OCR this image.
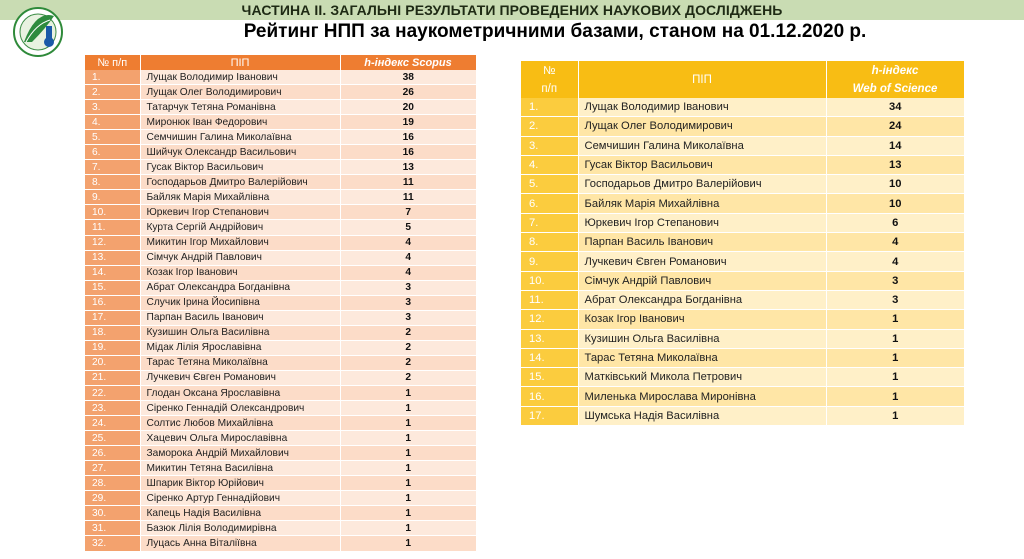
ЧАСТИНА ІІ. ЗАГАЛЬНІ РЕЗУЛЬТАТИ ПРОВЕДЕНИХ НАУКОВИХ ДОСЛІДЖЕНЬ
Рейтинг НПП за наукометричними базами, станом на 01.12.2020 р.
№ п/п	ПІП	h-індекс Scopus
1.	Лущак Володимир Іванович	38
2.	Лущак Олег Володимирович	26
3.	Татарчук Тетяна Романівна	20
4.	Миронюк Іван Федорович	19
5.	Семчишин Галина Миколаївна	16
6.	Шийчук Олександр Васильович	16
7.	Гусак Віктор Васильович	13
8.	Господарьов Дмитро Валерійович	11
9.	Байляк Марія Михайлівна	11
10.	Юркевич Ігор Степанович	7
11.	Курта Сергій Андрійович	5
12.	Микитин Ігор Михайлович	4
13.	Сімчук Андрій Павлович	4
14.	Козак Ігор Іванович	4
15.	Абрат Олександра Богданівна	3
16.	Случик Ірина Йосипівна	3
17.	Парпан Василь Іванович	3
18.	Кузишин Ольга Василівна	2
19.	Мідак Лілія Ярославівна	2
20.	Тарас Тетяна Миколаївна	2
21.	Лучкевич Євген Романович	2
22.	Глодан Оксана Ярославівна	1
23.	Сіренко Геннадій Олександрович	1
24.	Солтис Любов Михайлівна	1
25.	Хацевич Ольга Мирославівна	1
26.	Заморока Андрій Михайлович	1
27.	Микитин Тетяна Василівна	1
28.	Шпарик Віктор Юрійович	1
29.	Сіренко Артур Геннадійович	1
30.	Капець Надія Василівна	1
31.	Базюк Лілія Володимирівна	1
32.	Луцась Анна Віталіївна	1
№
п/п	ПІП	h-індекс
Web of Science
1.	Лущак Володимир Іванович	34
2.	Лущак Олег Володимирович	24
3.	Семчишин Галина Миколаївна	14
4.	Гусак Віктор Васильович	13
5.	Господарьов Дмитро Валерійович	10
6.	Байляк Марія Михайлівна	10
7.	Юркевич Ігор Степанович	6
8.	Парпан Василь Іванович	4
9.	Лучкевич Євген Романович	4
10.	Сімчук Андрій Павлович	3
11.	Абрат Олександра Богданівна	3
12.	Козак Ігор Іванович	1
13.	Кузишин Ольга Василівна	1
14.	Тарас Тетяна Миколаївна	1
15.	Матківський Микола Петрович	1
16.	Миленька Мирослава Миронівна	1
17.	Шумська Надія Василівна	1
